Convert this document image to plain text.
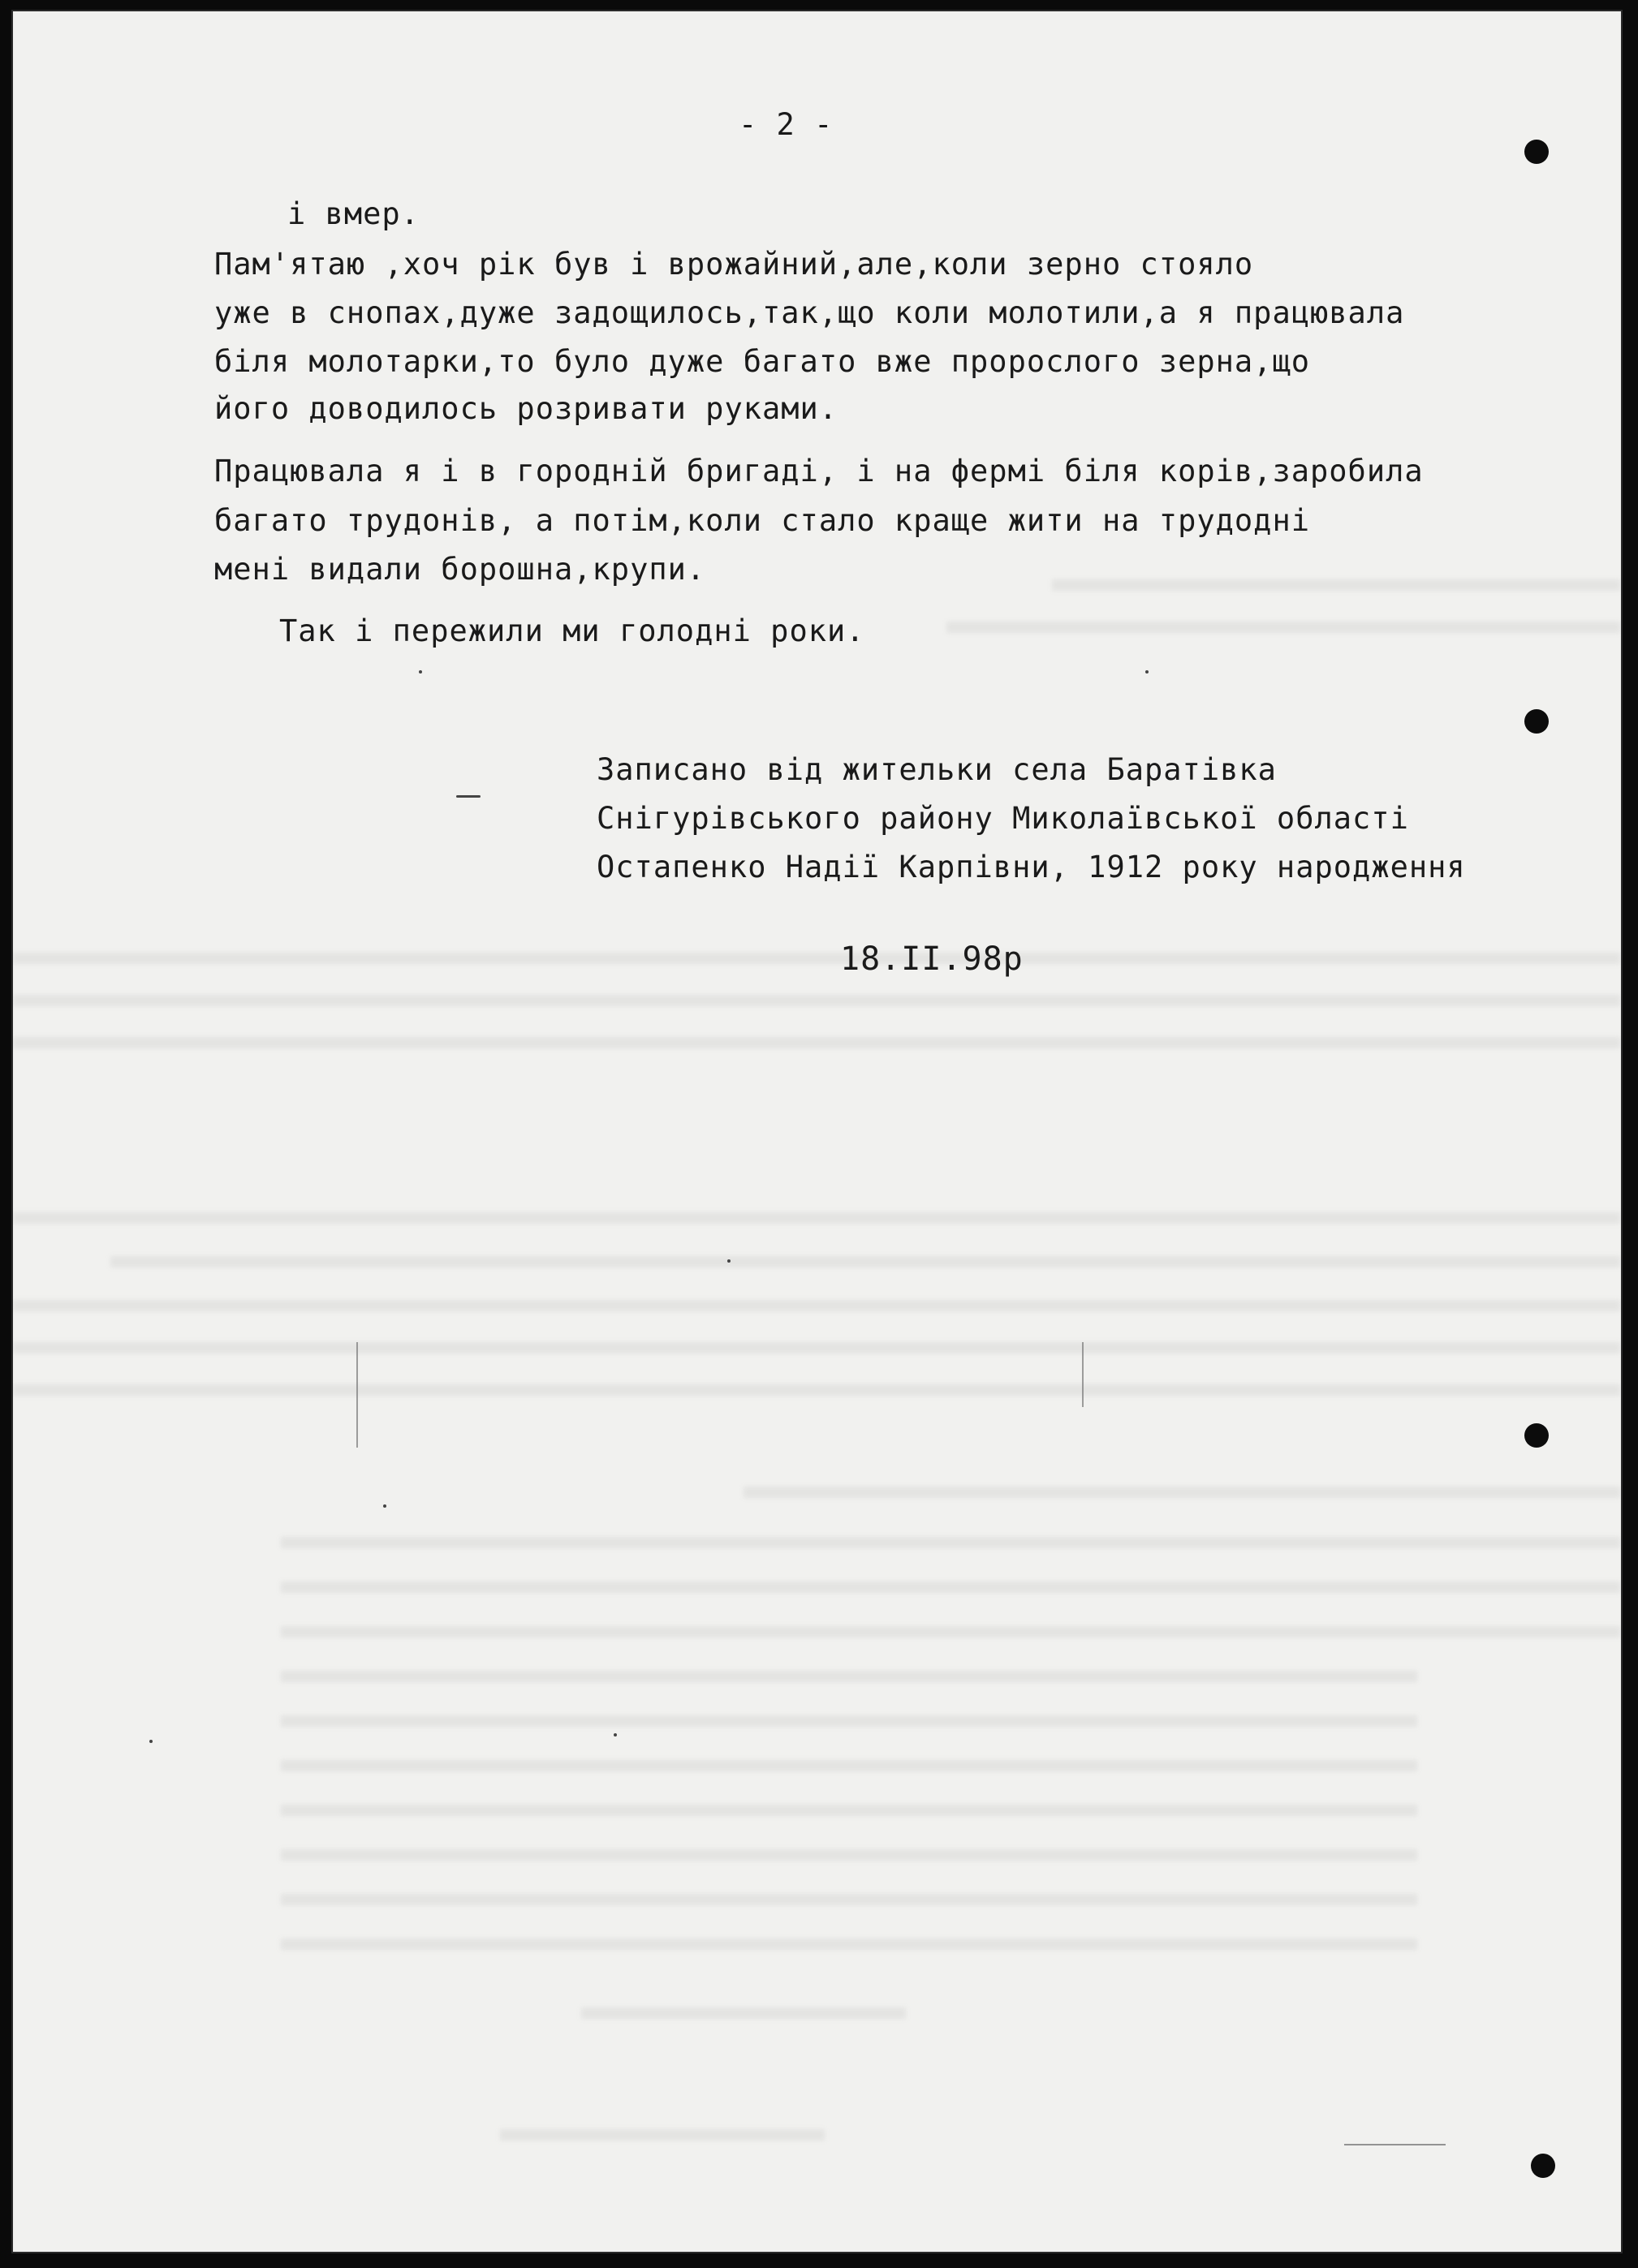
- 2 -
і вмер.
Пам'ятаю ,хоч рік був і врожайний,але,коли зерно стояло
уже в снопах,дуже задощилось,так,що коли молотили,а я працювала
біля молотарки,то було дуже багато вже пророслого зерна,що
його доводилось розривати руками.
Працювала я і в городній бригаді, і на фермі біля корів,заробила
багато трудонів, а потім,коли стало краще жити на трудодні
мені видали борошна,крупи.
Так і пережили ми голодні роки.
Записано від жительки села Баратівка
Снігурівського району Миколаївської області
Остапенко Надії Карпівни, 1912 року народження
18.II.98р
